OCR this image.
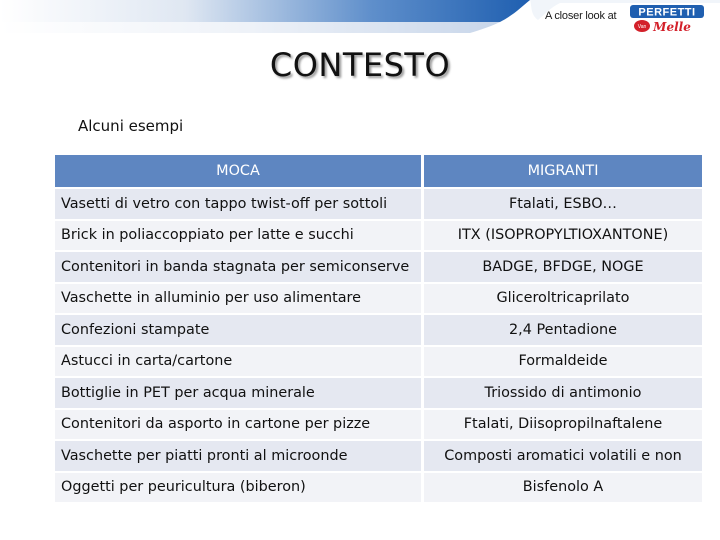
A closer look at PERFETTI
Van Melle
CONTESTO
Alcuni esempi
MOCA		MIGRANTI
Vasetti di vetro con tappo twist-off per sottoli		Ftalati, ESBO…
Brick in poliaccoppiato per latte e succhi		ITX (ISOPROPYLTIOXANTONE)
Contenitori in banda stagnata per semiconserve		BADGE, BFDGE, NOGE
Vaschette in alluminio per uso alimentare		Gliceroltricaprilato
Confezioni stampate		2,4 Pentadione
Astucci in carta/cartone		Formaldeide
Bottiglie in PET per acqua minerale		Triossido di antimonio
Contenitori da asporto in cartone per pizze		Ftalati, Diisopropilnaftalene
Vaschette per piatti pronti al microonde		Composti aromatici volatili e non
Oggetti per peuricultura (biberon)		Bisfenolo A
